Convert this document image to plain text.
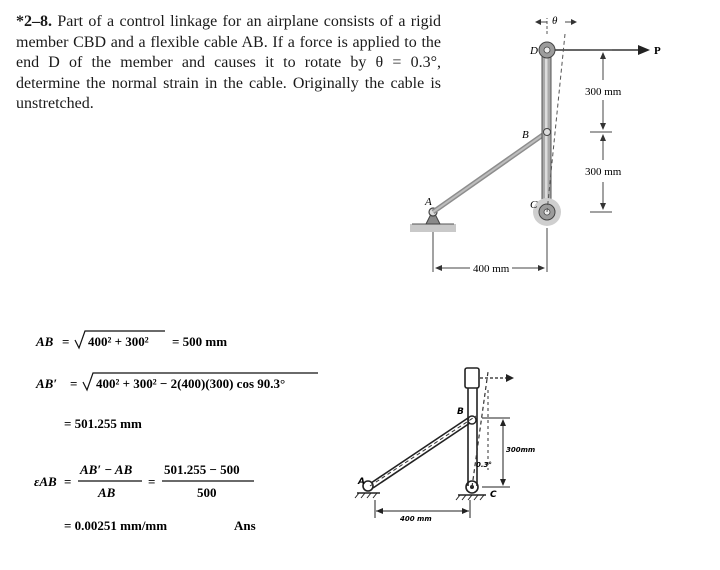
*2–8. Part of a control linkage for an airplane consists of a rigid member CBD and a flexible cable AB. If a force is applied to the end D of the member and causes it to rotate by θ = 0.3°, determine the normal strain in the cable. Originally the cable is unstretched.
D
B
C
A
θ
P
300 mm
300 mm
400 mm
AB = 400² + 300² = 500 mm
AB′ = 400² + 300² − 2(400)(300) cos 90.3°
= 501.255 mm
εAB =
AB′ − AB
AB
=
501.255 − 500
500
= 0.00251 mm/mm	Ans
B
A
C
300mm
0.3°
400 mm
